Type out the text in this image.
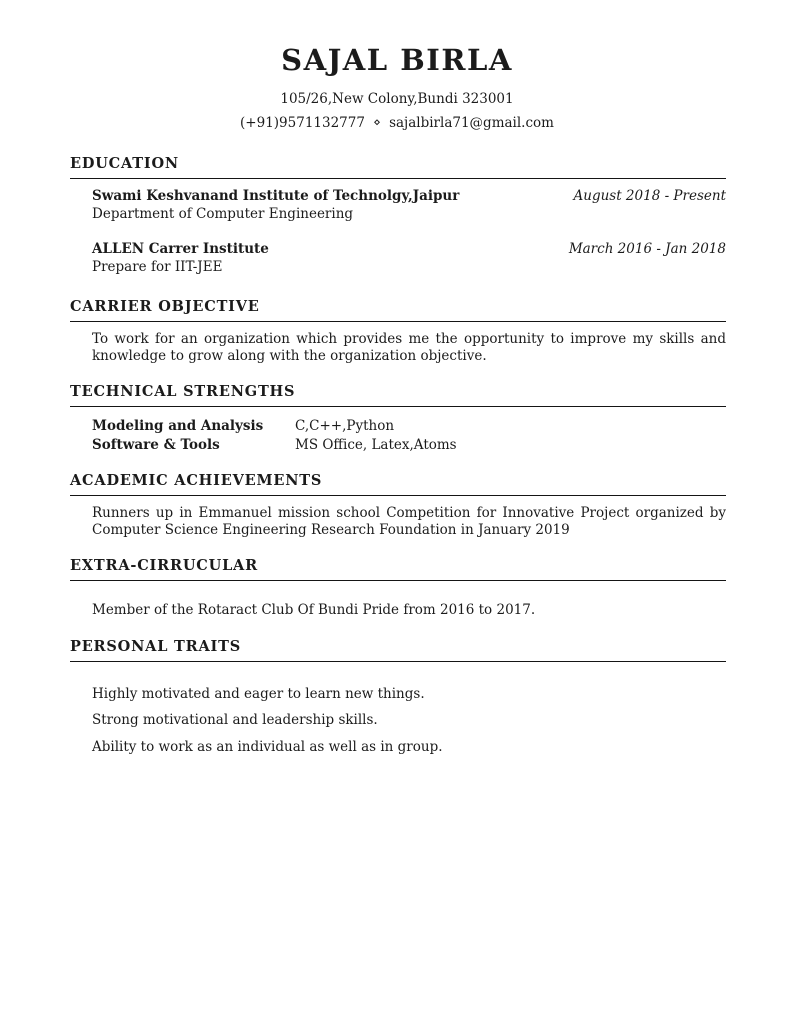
SAJAL BIRLA
105/26,New Colony,Bundi 323001
(+91)9571132777 ⋄ sajalbirla71@gmail.com
EDUCATION
Swami Keshvanand Institute of Technolgy,Jaipur	August 2018 - Present
Department of Computer Engineering
ALLEN Carrer Institute	March 2016 - Jan 2018
Prepare for IIT-JEE
CARRIER OBJECTIVE
To work for an organization which provides me the opportunity to improve my skills and knowledge to grow along with the organization objective.
TECHNICAL STRENGTHS
Modeling and Analysis	C,C++,Python
Software & Tools	MS Office, Latex,Atoms
ACADEMIC ACHIEVEMENTS
Runners up in Emmanuel mission school Competition for Innovative Project organized by Computer Science Engineering Research Foundation in January 2019
EXTRA-CIRRUCULAR
Member of the Rotaract Club Of Bundi Pride from 2016 to 2017.
PERSONAL TRAITS
Highly motivated and eager to learn new things.
Strong motivational and leadership skills.
Ability to work as an individual as well as in group.
